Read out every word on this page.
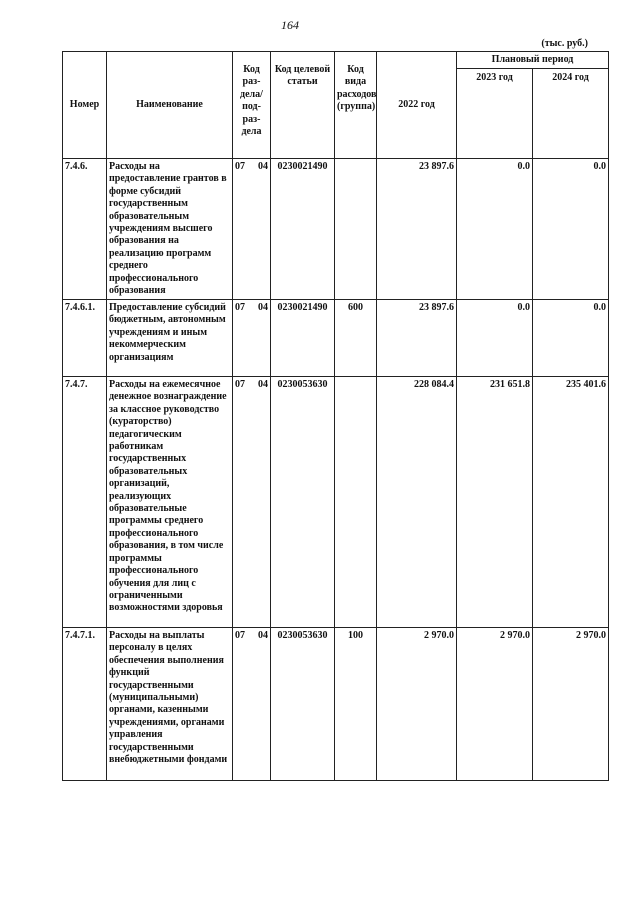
164
(тыс. руб.)
Номер	Наименование	Код раз-дела/ под-раз-дела	Код целевой статьи	Код вида расходов (группа)	2022 год	Плановый период	
						2023 год	2024 год
7.4.6.	Расходы на предоставление грантов в форме субсидий государственным образовательным учреждениям высшего образования на реализацию программ среднего профессионального образования	07 04	0230021490		23 897.6	0.0	0.0
7.4.6.1.	Предоставление субсидий бюджетным, автономным учреждениям и иным некоммерческим организациям	07 04	0230021490	600	23 897.6	0.0	0.0
7.4.7.	Расходы на ежемесячное денежное вознаграждение за классное руководство (кураторство) педагогическим работникам государственных образовательных организаций, реализующих образовательные программы среднего профессионального образования, в том числе программы профессионального обучения для лиц с ограниченными возможностями здоровья	07 04	0230053630		228 084.4	231 651.8	235 401.6
7.4.7.1.	Расходы на выплаты персоналу в целях обеспечения выполнения функций государственными (муниципальными) органами, казенными учреждениями, органами управления государственными внебюджетными фондами	07 04	0230053630	100	2 970.0	2 970.0	2 970.0
